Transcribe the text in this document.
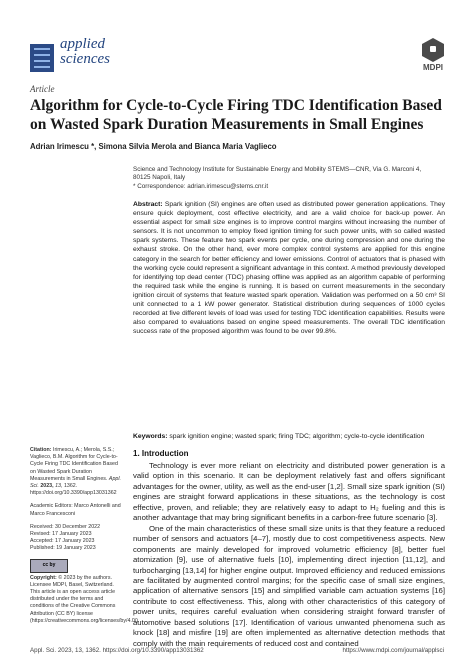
applied
sciences
MDPI
Article
Algorithm for Cycle-to-Cycle Firing TDC Identification Based on Wasted Spark Duration Measurements in Small Engines
Adrian Irimescu *, Simona Silvia Merola and Bianca Maria Vaglieco
Science and Technology Institute for Sustainable Energy and Mobility STEMS—CNR, Via G. Marconi 4,
80125 Napoli, Italy
* Correspondence: adrian.irimescu@stems.cnr.it
Abstract: Spark ignition (SI) engines are often used as distributed power generation applications. They ensure quick deployment, cost effective electricity, and are a valid choice for back-up power. An essential aspect for small size engines is to improve control margins without increasing the number of sensors. It is not uncommon to employ fixed ignition timing for such power units, with so called wasted spark systems. These feature two spark events per cycle, one during compression and one during the exhaust stroke. On the other hand, ever more complex control systems are applied for this engine category in the search for better efficiency and lower emissions. Control of actuators that is phased with the working cycle could represent a significant advantage in this context. A method previously developed for identifying top dead center (TDC) phasing offline was applied as an algorithm capable of performing the required task while the engine is running. It is based on current measurements in the secondary ignition circuit of systems that feature wasted spark operation. Validation was performed on a 50 cm³ SI unit connected to a 1 kW power generator. Statistical distribution during sequences of 1000 cycles recorded at five different levels of load was used for testing TDC identification capabilities. Results were also compared to evaluations based on engine speed measurements. The overall TDC identification success rate of the proposed algorithm was found to be over 99.8%.
Keywords: spark ignition engine; wasted spark; firing TDC; algorithm; cycle-to-cycle identification
Citation: Irimescu, A.; Merola, S.S.; Vaglieco, B.M. Algorithm for Cycle-to-Cycle Firing TDC Identification Based on Wasted Spark Duration Measurements in Small Engines. Appl. Sci. 2023, 13, 1362. https://doi.org/10.3390/app13031362
Academic Editors: Marco Antonelli and Marco Francesconi
Received: 30 December 2022
Revised: 17 January 2023
Accepted: 17 January 2023
Published: 19 January 2023
cc by
Copyright: © 2023 by the authors. Licensee MDPI, Basel, Switzerland. This article is an open access article distributed under the terms and conditions of the Creative Commons Attribution (CC BY) license (https://creativecommons.org/licenses/by/4.0/).
1. Introduction

Technology is ever more reliant on electricity and distributed power generation is a valid option in this scenario. It can be deployment relatively fast and offers significant advantages for the owner, utility, as well as the end-user [1,2]. Small size spark ignition (SI) engines are straight forward applications in these situations, as the technology is cost effective, proven, and reliable; they are relatively easy to adapt to H₂ fueling and this is another advantage that may bring significant benefits in a carbon-free future scenario [3].

One of the main characteristics of these small size units is that they feature a reduced number of sensors and actuators [4–7], mostly due to cost competitiveness aspects. New components are mainly developed for improved volumetric efficiency [8], better fuel atomization [9], use of alternative fuels [10], implementing direct injection [11,12], and turbocharging [13,14] for higher engine output. Improved efficiency and reduced emissions are facilitated by augmented control margins; for the specific case of small size engines, application of alternative sensors [15] and simplified variable cam actuation systems [16] contribute to cost effectiveness. This, along with other characteristics of this category of power units, requires careful evaluation when considering straight forward transfer of automotive based solutions [17]. Identification of various unwanted phenomena such as knock [18] and misfire [19] are often implemented as alternative detection methods that comply with the main requirements of reduced cost and contained

Appl. Sci. 2023, 13, 1362. https://doi.org/10.3390/app13031362	https://www.mdpi.com/journal/applsci
